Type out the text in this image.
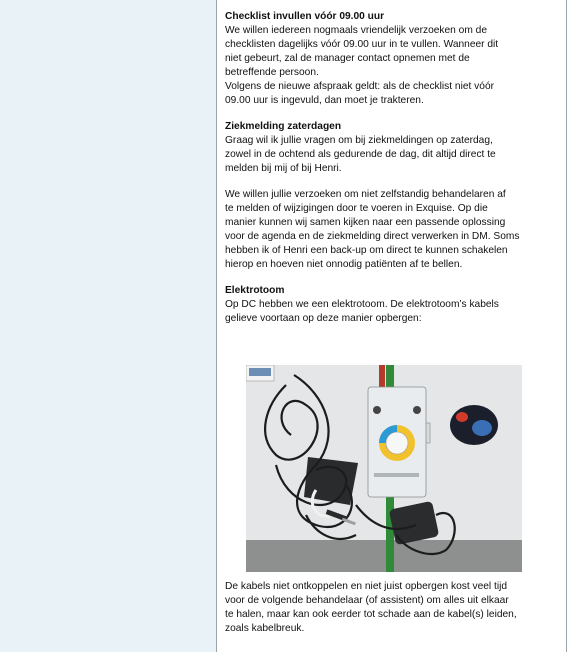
Checklist invullen vóór 09.00 uur

We willen iedereen nogmaals vriendelijk verzoeken om de

checklisten dagelijks vóór 09.00 uur in te vullen. Wanneer dit

niet gebeurt, zal de manager contact opnemen met de

betreffende persoon.

Volgens de nieuwe afspraak geldt: als de checklist niet vóór

09.00 uur is ingevuld, dan moet je trakteren.

Ziekmelding zaterdagen

Graag wil ik jullie vragen om bij ziekmeldingen op zaterdag,

zowel in de ochtend als gedurende de dag, dit altijd direct te

melden bij mij of bij Henri.

We willen jullie verzoeken om niet zelfstandig behandelaren af

te melden of wijzigingen door te voeren in Exquise. Op die

manier kunnen wij samen kijken naar een passende oplossing

voor de agenda en de ziekmelding direct verwerken in DM. Soms

hebben ik of Henri een back-up om direct te kunnen schakelen

hierop en hoeven niet onnodig patiënten af te bellen.

Elektrotoom

Op DC hebben we een elektrotoom. De elektrotoom’s kabels

gelieve voortaan op deze manier opbergen:

De kabels niet ontkoppelen en niet juist opbergen kost veel tijd

voor de volgende behandelaar (of assistent) om alles uit elkaar

te halen, maar kan ook eerder tot schade aan de kabel(s) leiden,

zoals kabelbreuk.
